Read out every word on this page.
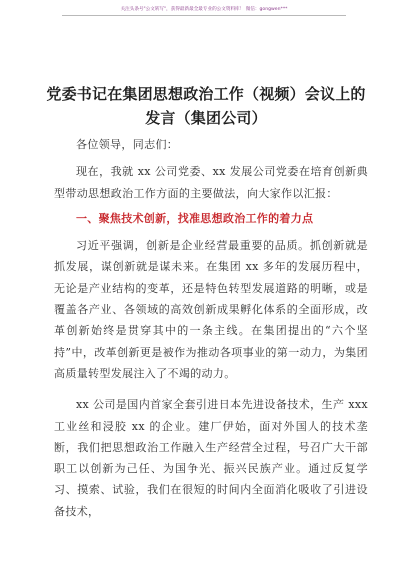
关注头条号"公文转写"，获得最新最全最专业的公文资料库！ 微信：gongwen***
党委书记在集团思想政治工作（视频）会议上的发言（集团公司）

各位领导，同志们：

现在，我就 xx 公司党委、xx 发展公司党委在培育创新典型带动思想政治工作方面的主要做法，向大家作以汇报：

一、聚焦技术创新，找准思想政治工作的着力点

习近平强调，创新是企业经营最重要的品质。抓创新就是抓发展，谋创新就是谋未来。在集团 xx 多年的发展历程中，无论是产业结构的变革，还是特色转型发展道路的明晰，或是覆盖各产业、各领域的高效创新成果孵化体系的全面形成，改革创新始终是贯穿其中的一条主线。在集团提出的“六个坚持”中，改革创新更是被作为推动各项事业的第一动力，为集团高质量转型发展注入了不竭的动力。

xx 公司是国内首家全套引进日本先进设备技术，生产 xxx 工业丝和浸胶 xx 的企业。建厂伊始，面对外国人的技术垄断，我们把思想政治工作融入生产经营全过程，号召广大干部职工以创新为己任、为国争光、振兴民族产业。通过反复学习、摸索、试验，我们在很短的时间内全面消化吸收了引进设备技术，
